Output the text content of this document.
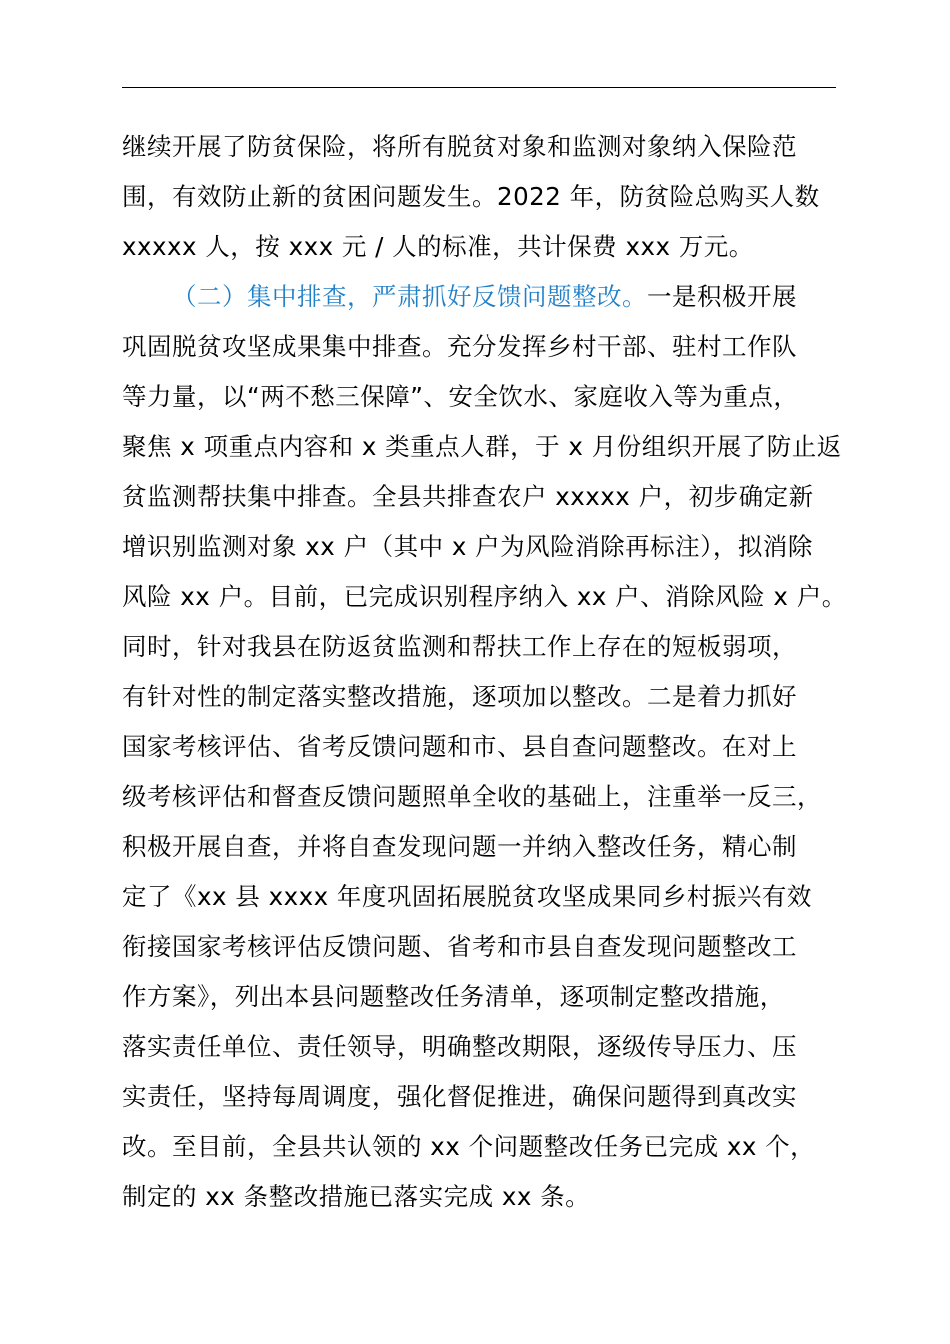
继续开展了防贫保险，将所有脱贫对象和监测对象纳入保险范
围，有效防止新的贫困问题发生。2022 年，防贫险总购买人数
xxxxx 人，按 xxx 元 / 人的标准，共计保费 xxx 万元。
（二）集中排查，严肃抓好反馈问题整改。一是积极开展
巩固脱贫攻坚成果集中排查。充分发挥乡村干部、驻村工作队
等力量，以“两不愁三保障”、安全饮水、家庭收入等为重点，
聚焦 x 项重点内容和 x 类重点人群，于 x 月份组织开展了防止返
贫监测帮扶集中排查。全县共排查农户 xxxxx 户，初步确定新
增识别监测对象 xx 户（其中 x 户为风险消除再标注），拟消除
风险 xx 户。目前，已完成识别程序纳入 xx 户、消除风险 x 户。
同时，针对我县在防返贫监测和帮扶工作上存在的短板弱项，
有针对性的制定落实整改措施，逐项加以整改。二是着力抓好
国家考核评估、省考反馈问题和市、县自查问题整改。在对上
级考核评估和督查反馈问题照单全收的基础上，注重举一反三，
积极开展自查，并将自查发现问题一并纳入整改任务，精心制
定了《xx 县 xxxx 年度巩固拓展脱贫攻坚成果同乡村振兴有效
衔接国家考核评估反馈问题、省考和市县自查发现问题整改工
作方案》，列出本县问题整改任务清单，逐项制定整改措施，
落实责任单位、责任领导，明确整改期限，逐级传导压力、压
实责任，坚持每周调度，强化督促推进，确保问题得到真改实
改。至目前，全县共认领的 xx 个问题整改任务已完成 xx 个，
制定的 xx 条整改措施已落实完成 xx 条。
